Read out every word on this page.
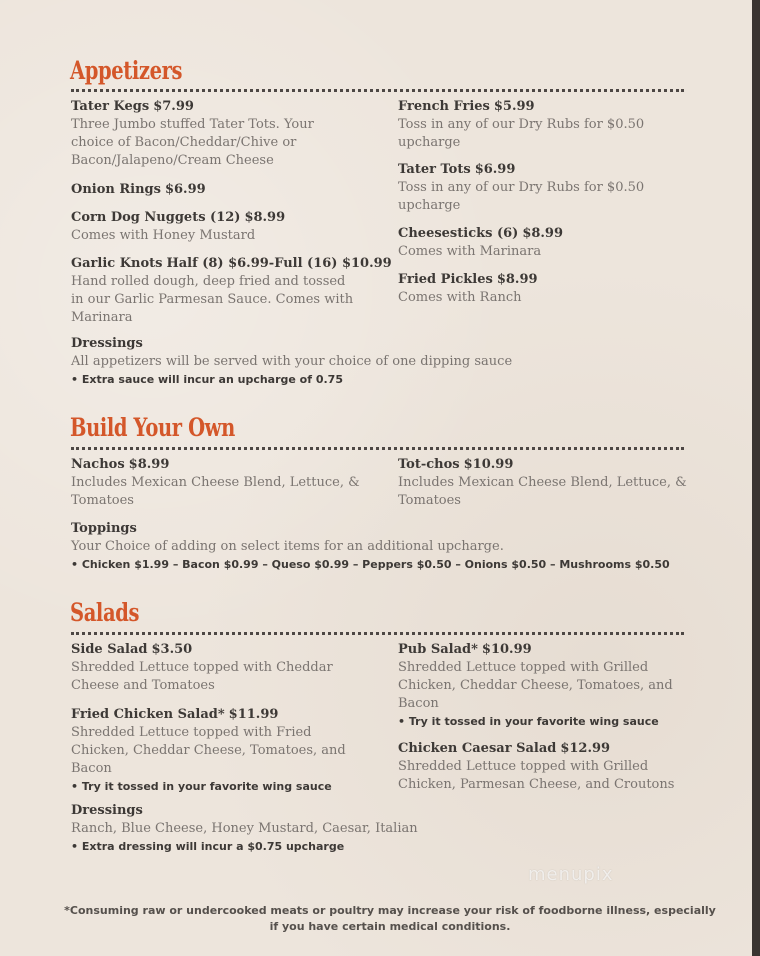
Appetizers
Tater Kegs $7.99
Three Jumbo stuffed Tater Tots. Your
choice of Bacon/Cheddar/Chive or
Bacon/Jalapeno/Cream Cheese
Onion Rings $6.99
Corn Dog Nuggets (12) $8.99
Comes with Honey Mustard
Garlic Knots Half (8) $6.99-Full (16) $10.99
Hand rolled dough, deep fried and tossed
in our Garlic Parmesan Sauce. Comes with
Marinara
French Fries $5.99
Toss in any of our Dry Rubs for $0.50
upcharge
Tater Tots $6.99
Toss in any of our Dry Rubs for $0.50
upcharge
Cheesesticks (6) $8.99
Comes with Marinara
Fried Pickles $8.99
Comes with Ranch
Dressings
All appetizers will be served with your choice of one dipping sauce
• Extra sauce will incur an upcharge of 0.75
Build Your Own
Nachos $8.99
Includes Mexican Cheese Blend, Lettuce, &
Tomatoes
Tot-chos $10.99
Includes Mexican Cheese Blend, Lettuce, &
Tomatoes
Toppings
Your Choice of adding on select items for an additional upcharge.
• Chicken $1.99 – Bacon $0.99 – Queso $0.99 – Peppers $0.50 – Onions $0.50 – Mushrooms $0.50
Salads
Side Salad $3.50
Shredded Lettuce topped with Cheddar
Cheese and Tomatoes
Fried Chicken Salad* $11.99
Shredded Lettuce topped with Fried
Chicken, Cheddar Cheese, Tomatoes, and
Bacon
• Try it tossed in your favorite wing sauce
Pub Salad* $10.99
Shredded Lettuce topped with Grilled
Chicken, Cheddar Cheese, Tomatoes, and
Bacon
• Try it tossed in your favorite wing sauce
Chicken Caesar Salad $12.99
Shredded Lettuce topped with Grilled
Chicken, Parmesan Cheese, and Croutons
Dressings
Ranch, Blue Cheese, Honey Mustard, Caesar, Italian
• Extra dressing will incur a $0.75 upcharge
menupix
*Consuming raw or undercooked meats or poultry may increase your risk of foodborne illness, especially
if you have certain medical conditions.
